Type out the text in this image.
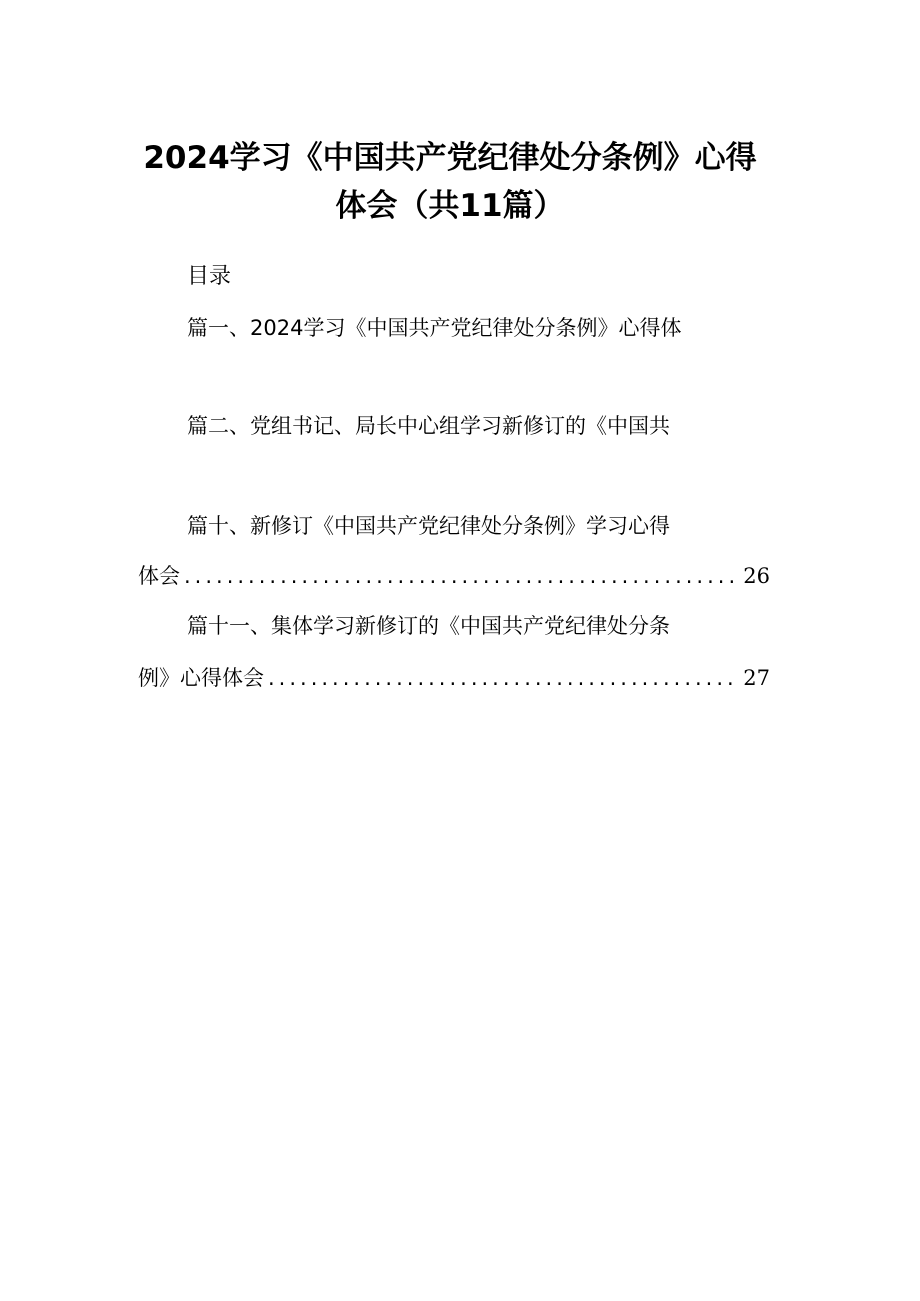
2024学习《中国共产党纪律处分条例》心得
体会（共11篇）
目录
篇一、2024学习《中国共产党纪律处分条例》心得体
篇二、党组书记、局长中心组学习新修订的《中国共
篇十、新修订《中国共产党纪律处分条例》学习心得
体会 .....	26
篇十一、集体学习新修订的《中国共产党纪律处分条
例》心得体会 .....	27
